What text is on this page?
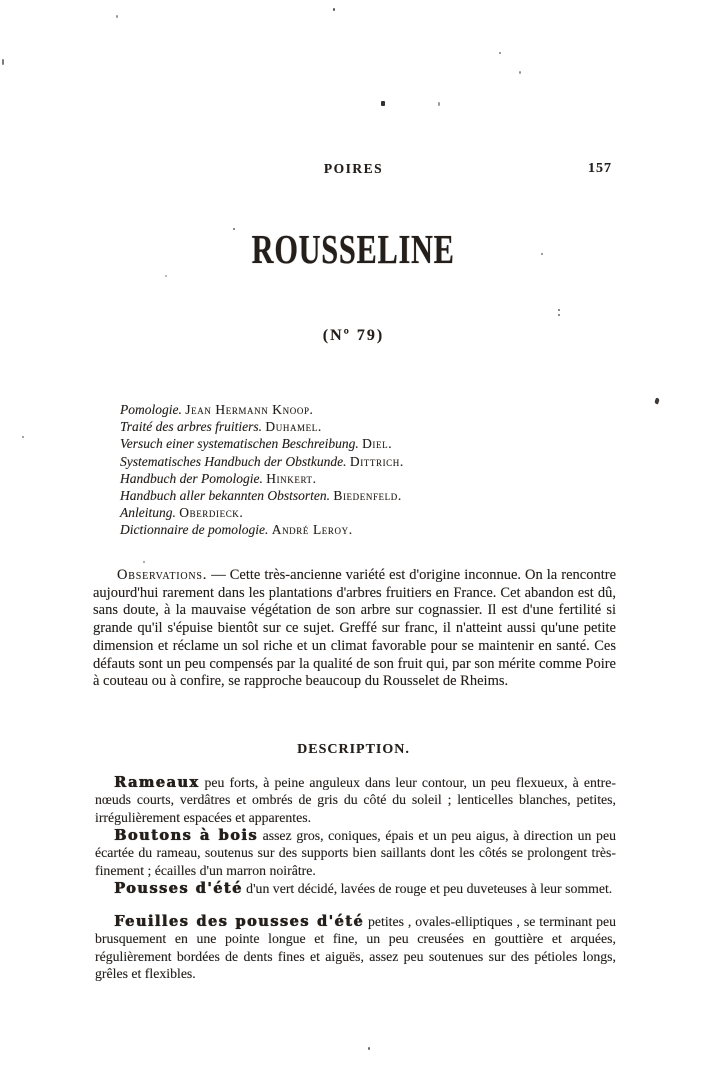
POIRES	157
ROUSSELINE
(Nº 79)
Pomologie. Jean Hermann Knoop.
Traité des arbres fruitiers. Duhamel.
Versuch einer systematischen Beschreibung. Diel.
Systematisches Handbuch der Obstkunde. Dittrich.
Handbuch der Pomologie. Hinkert.
Handbuch aller bekannten Obstsorten. Biedenfeld.
Anleitung. Oberdieck.
Dictionnaire de pomologie. André Leroy.

Observations. — Cette très-ancienne variété est d'origine inconnue. On la rencontre aujourd'hui rarement dans les plantations d'arbres fruitiers en France. Cet abandon est dû, sans doute, à la mauvaise végétation de son arbre sur cognassier. Il est d'une fertilité si grande qu'il s'épuise bientôt sur ce sujet. Greffé sur franc, il n'atteint aussi qu'une petite dimension et réclame un sol riche et un climat favorable pour se maintenir en santé. Ces défauts sont un peu compensés par la qualité de son fruit qui, par son mérite comme Poire à couteau ou à confire, se rapproche beaucoup du Rousselet de Rheims.

DESCRIPTION.

Rameaux peu forts, à peine anguleux dans leur contour, un peu flexueux, à entre-nœuds courts, verdâtres et ombrés de gris du côté du soleil ; lenticelles blanches, petites, irrégulièrement espacées et apparentes.

Boutons à bois assez gros, coniques, épais et un peu aigus, à direction un peu écartée du rameau, soutenus sur des supports bien saillants dont les côtés se prolongent très-finement ; écailles d'un marron noirâtre.

Pousses d'été d'un vert décidé, lavées de rouge et peu duveteuses à leur sommet.

Feuilles des pousses d'été petites , ovales-elliptiques , se terminant peu brusquement en une pointe longue et fine, un peu creusées en gouttière et arquées, régulièrement bordées de dents fines et aiguës, assez peu soutenues sur des pétioles longs, grêles et flexibles.
